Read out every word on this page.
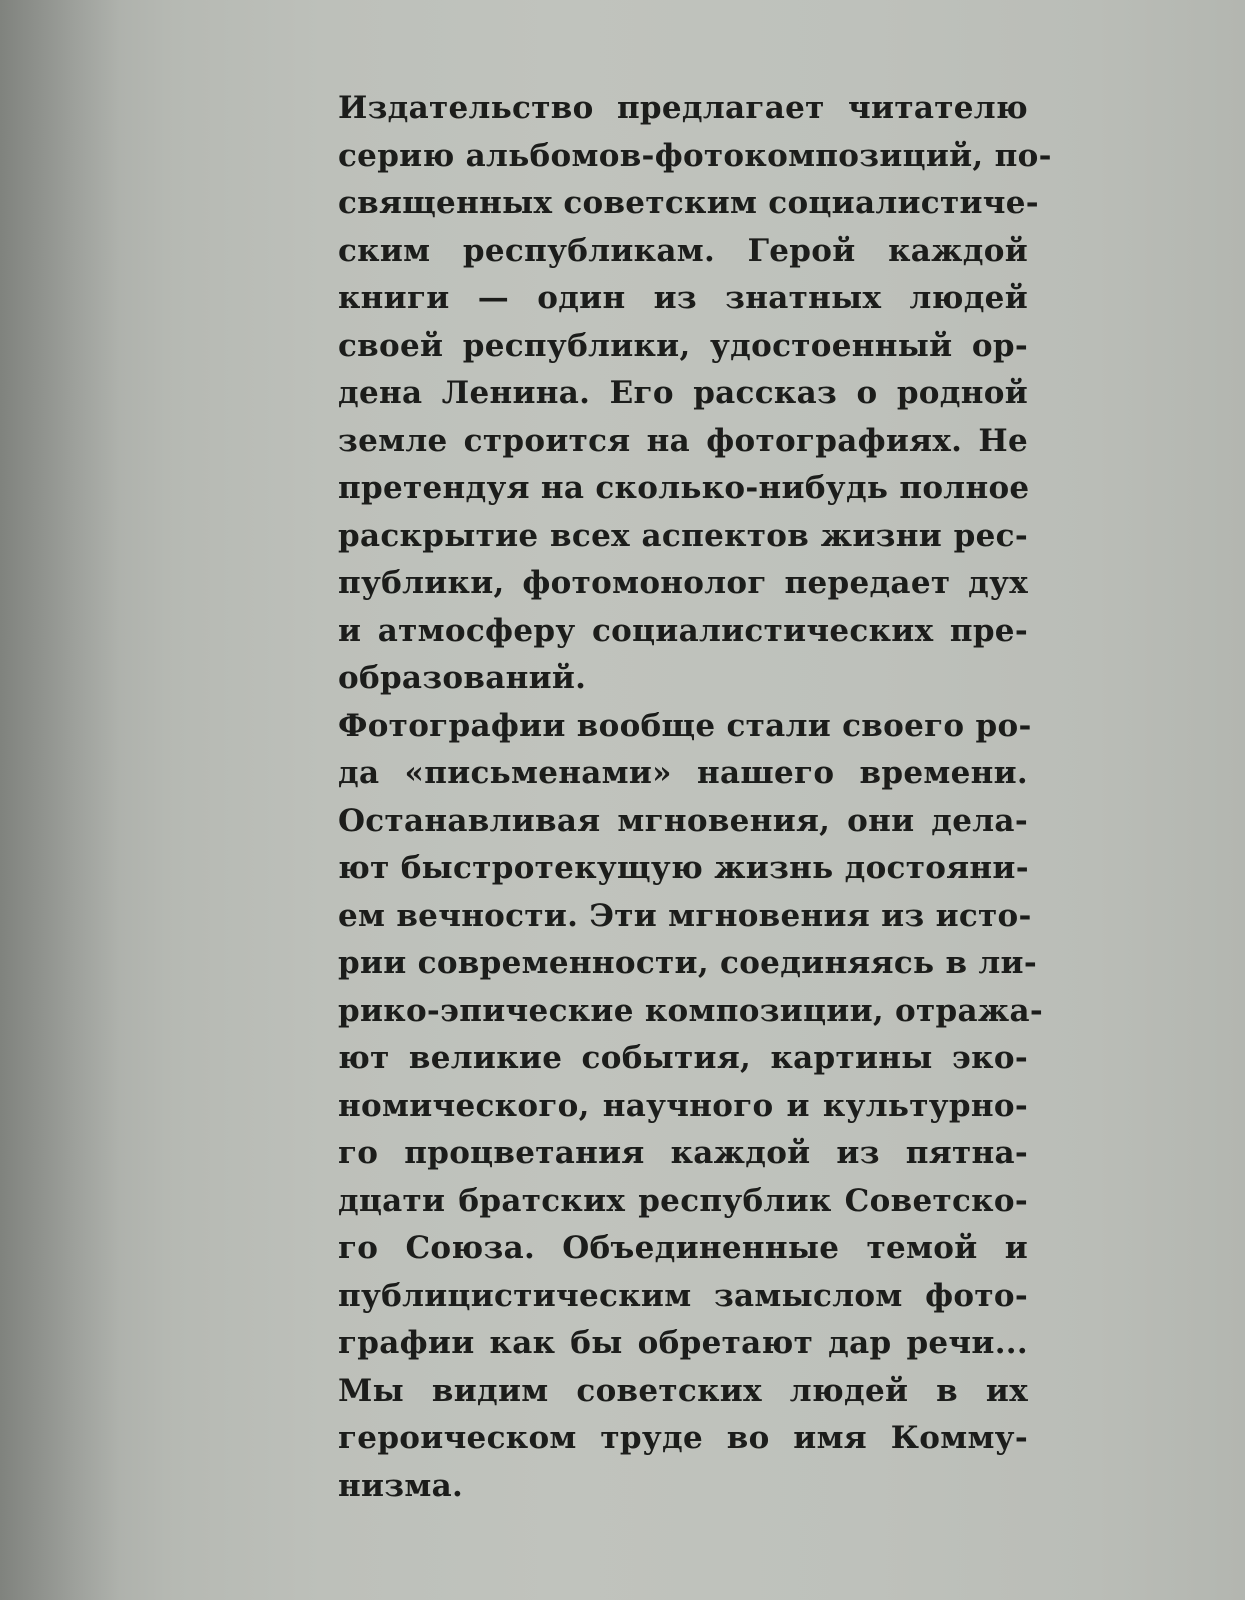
Издательство предлагает читателю
серию альбомов-фотокомпозиций, по-
священных советским социалистиче-
ским республикам. Герой каждой
книги — один из знатных людей
своей республики, удостоенный ор-
дена Ленина. Его рассказ о родной
земле строится на фотографиях. Не
претендуя на сколько-нибудь полное
раскрытие всех аспектов жизни рес-
публики, фотомонолог передает дух
и атмосферу социалистических пре-
образований.
Фотографии вообще стали своего ро-
да «письменами» нашего времени.
Останавливая мгновения, они дела-
ют быстротекущую жизнь достояни-
ем вечности. Эти мгновения из исто-
рии современности, соединяясь в ли-
рико-эпические композиции, отража-
ют великие события, картины эко-
номического, научного и культурно-
го процветания каждой из пятна-
дцати братских республик Советско-
го Союза. Объединенные темой и
публицистическим замыслом фото-
графии как бы обретают дар речи...
Мы видим советских людей в их
героическом труде во имя Комму-
низма.
